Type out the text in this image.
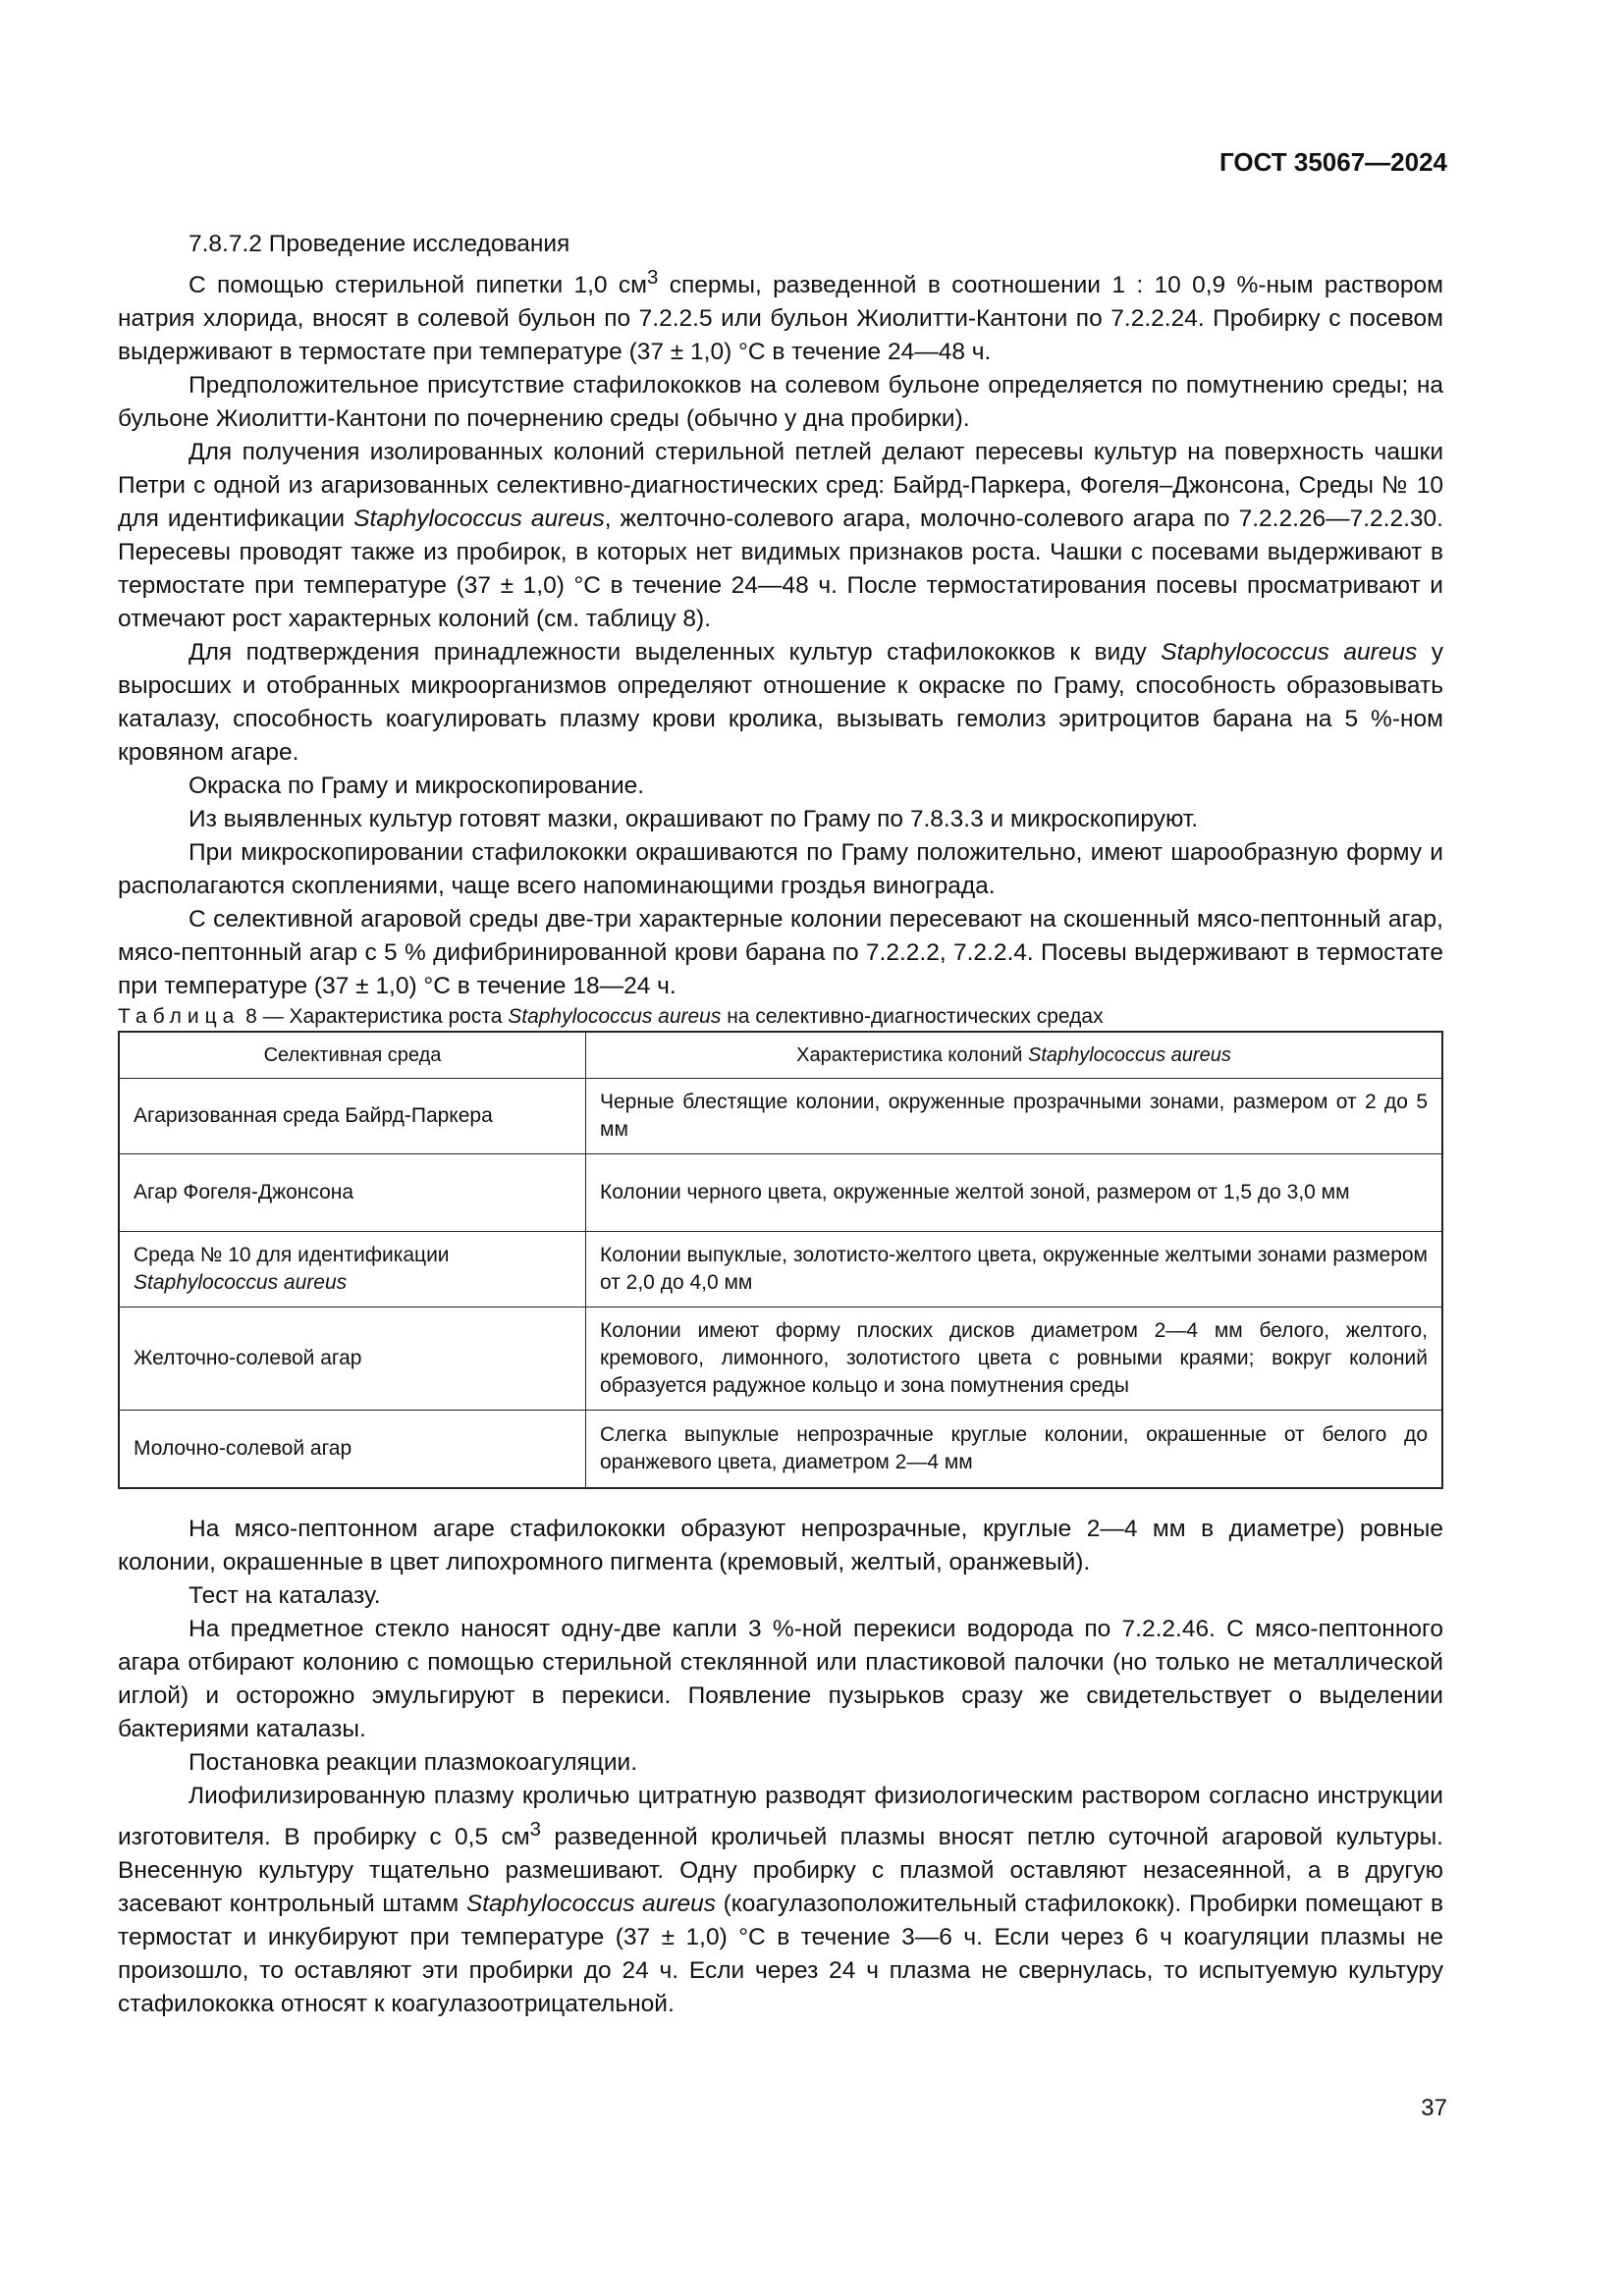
ГОСТ 35067—2024

7.8.7.2 Проведение исследования

С помощью стерильной пипетки 1,0 $см^3$ спермы, разведенной в соотношении 1 : 10 0,9 %-ным раствором натрия хлорида, вносят в солевой бульон по 7.2.2.5 или бульон Жиолитти-Кантони по 7.2.2.24. Пробирку с посевом выдерживают в термостате при температуре (37 ± 1,0) °С в течение 24—48 ч.

Предположительное присутствие стафилококков на солевом бульоне определяется по помутнению среды; на бульоне Жиолитти-Кантони по почернению среды (обычно у дна пробирки).

Для получения изолированных колоний стерильной петлей делают пересевы культур на поверхность чашки Петри с одной из агаризованных селективно-диагностических сред: Байрд-Паркера, Фогеля–Джонсона, Среды № 10 для идентификации Staphylococcus aureus, желточно-солевого агара, молочно-солевого агара по 7.2.2.26—7.2.2.30. Пересевы проводят также из пробирок, в которых нет видимых признаков роста. Чашки с посевами выдерживают в термостате при температуре (37 ± 1,0) °С в течение 24—48 ч. После термостатирования посевы просматривают и отмечают рост характерных колоний (см. таблицу 8).

Для подтверждения принадлежности выделенных культур стафилококков к виду Staphylococcus aureus у выросших и отобранных микроорганизмов определяют отношение к окраске по Граму, способность образовывать каталазу, способность коагулировать плазму крови кролика, вызывать гемолиз эритроцитов барана на 5 %-ном кровяном агаре.

Окраска по Граму и микроскопирование.

Из выявленных культур готовят мазки, окрашивают по Граму по 7.8.3.3 и микроскопируют.

При микроскопировании стафилококки окрашиваются по Граму положительно, имеют шарообразную форму и располагаются скоплениями, чаще всего напоминающими гроздья винограда.

С селективной агаровой среды две-три характерные колонии пересевают на скошенный мясо-пептонный агар, мясо-пептонный агар с 5 % дифибринированной крови барана по 7.2.2.2, 7.2.2.4. Посевы выдерживают в термостате при температуре (37 ± 1,0) °С в течение 18—24 ч.

Таблица 8 — Характеристика роста Staphylococcus aureus на селективно-диагностических средах

Селективная среда	Характеристика колоний Staphylococcus aureus
Агаризованная среда Байрд-Паркера	Черные блестящие колонии, окруженные прозрачными зонами, размером от 2 до 5 мм
Агар Фогеля-Джонсона	Колонии черного цвета, окруженные желтой зоной, размером от 1,5 до 3,0 мм
Среда № 10 для идентификации
Staphylococcus aureus	Колонии выпуклые, золотисто-желтого цвета, окруженные желтыми зонами размером от 2,0 до 4,0 мм
Желточно-солевой агар	Колонии имеют форму плоских дисков диаметром 2—4 мм белого, желтого, кремового, лимонного, золотистого цвета с ровными краями; вокруг колоний образуется радужное кольцо и зона помутнения среды
Молочно-солевой агар	Слегка выпуклые непрозрачные круглые колонии, окрашенные от белого до оранжевого цвета, диаметром 2—4 мм

На мясо-пептонном агаре стафилококки образуют непрозрачные, круглые 2—4 мм в диаметре) ровные колонии, окрашенные в цвет липохромного пигмента (кремовый, желтый, оранжевый).

Тест на каталазу.

На предметное стекло наносят одну-две капли 3 %-ной перекиси водорода по 7.2.2.46. С мясо-пептонного агара отбирают колонию с помощью стерильной стеклянной или пластиковой палочки (но только не металлической иглой) и осторожно эмульгируют в перекиси. Появление пузырьков сразу же свидетельствует о выделении бактериями каталазы.

Постановка реакции плазмокоагуляции.

Лиофилизированную плазму кроличью цитратную разводят физиологическим раствором согласно инструкции изготовителя. В пробирку с 0,5 $см^3$ разведенной кроличьей плазмы вносят петлю суточной агаровой культуры. Внесенную культуру тщательно размешивают. Одну пробирку с плазмой оставляют незасеянной, а в другую засевают контрольный штамм Staphylococcus aureus (коагулазоположительный стафилококк). Пробирки помещают в термостат и инкубируют при температуре (37 ± 1,0) °С в течение 3—6 ч. Если через 6 ч коагуляции плазмы не произошло, то оставляют эти пробирки до 24 ч. Если через 24 ч плазма не свернулась, то испытуемую культуру стафилококка относят к коагулазоотрицательной.

37
